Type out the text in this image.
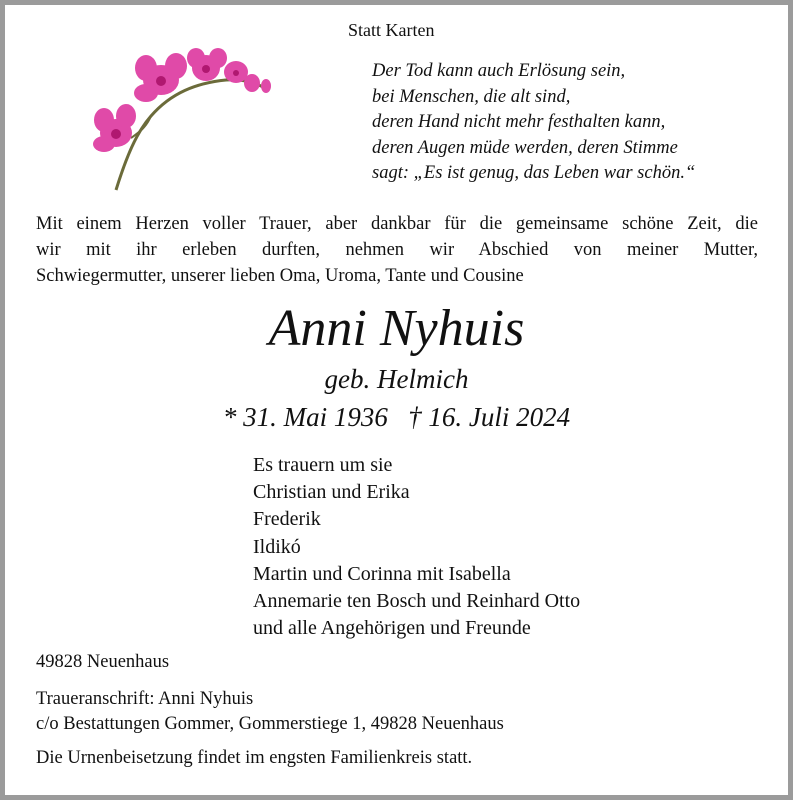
Statt Karten
Der Tod kann auch Erlösung sein,
bei Menschen, die alt sind,
deren Hand nicht mehr festhalten kann,
deren Augen müde werden, deren Stimme
sagt: „Es ist genug, das Leben war schön.“
Mit einem Herzen voller Trauer, aber dankbar für die gemeinsame schöne Zeit, die
wir mit ihr erleben durften, nehmen wir Abschied von meiner Mutter,
Schwiegermutter, unserer lieben Oma, Uroma, Tante und Cousine
Anni Nyhuis
geb. Helmich
* 31. Mai 1936   † 16. Juli 2024
Es trauern um sie
Christian und Erika
Frederik
Ildikó
Martin und Corinna mit Isabella
Annemarie ten Bosch und Reinhard Otto
und alle Angehörigen und Freunde
49828 Neuenhaus
Traueranschrift: Anni Nyhuis
c/o Bestattungen Gommer, Gommerstiege 1, 49828 Neuenhaus
Die Urnenbeisetzung findet im engsten Familienkreis statt.
